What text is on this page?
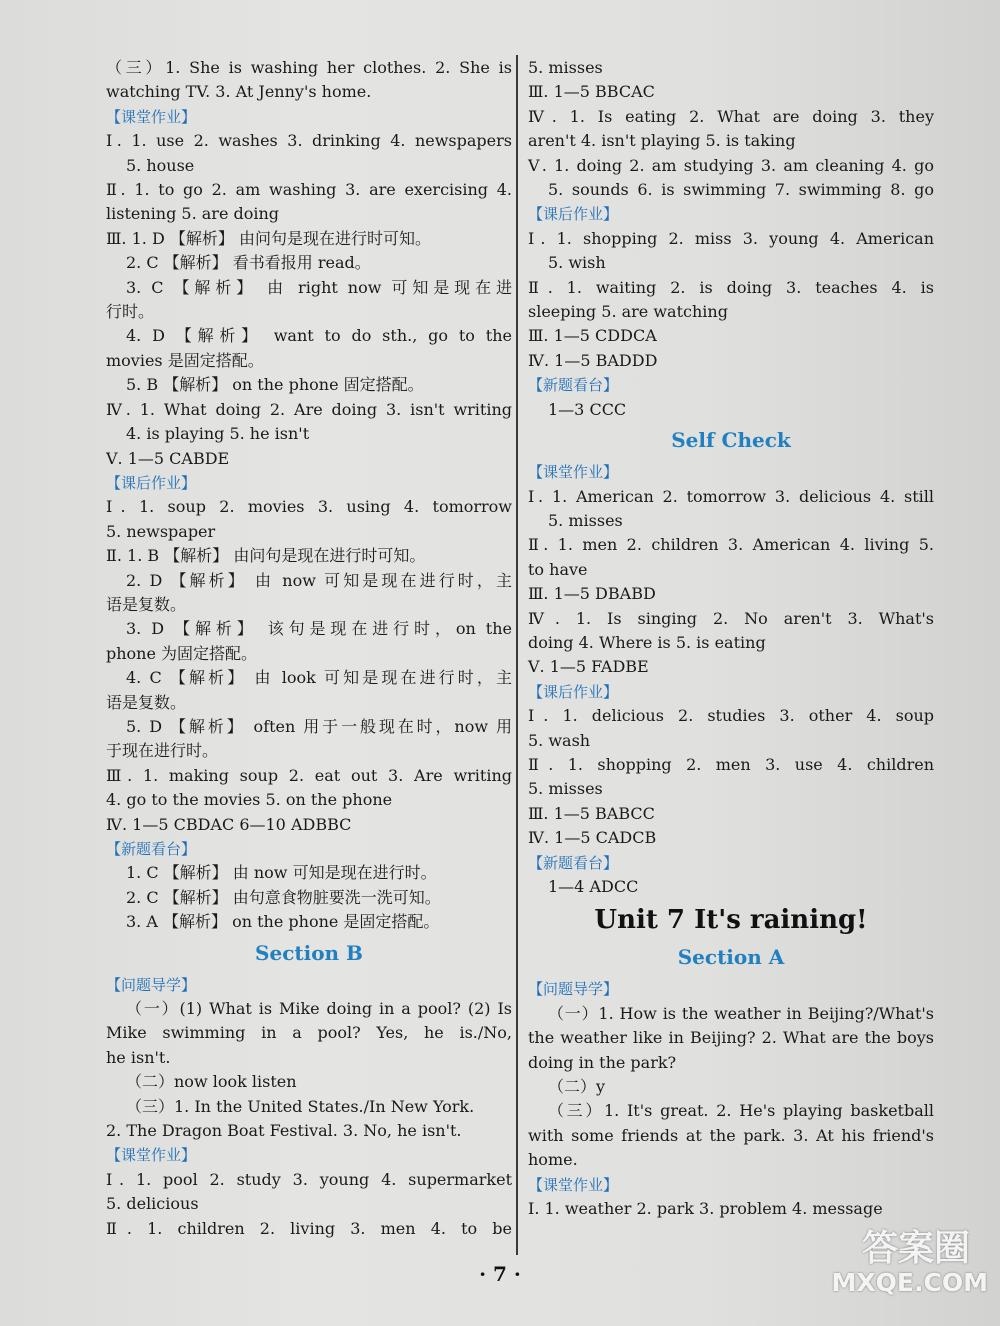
（三）1. She is washing her clothes. 2. She is
watching TV. 3. At Jenny's home.
【课堂作业】
Ⅰ. 1. use 2. washes 3. drinking 4. newspapers
5. house
Ⅱ. 1. to go 2. am washing 3. are exercising 4.
listening 5. are doing
Ⅲ. 1. D 【解析】 由问句是现在进行时可知。
2. C 【解析】 看书看报用 read。
3. C 【解析】 由 right now 可知是现在进
行时。
4. D 【解析】 want to do sth., go to the
movies 是固定搭配。
5. B 【解析】 on the phone 固定搭配。
Ⅳ. 1. What doing 2. Are doing 3. isn't writing
4. is playing 5. he isn't
Ⅴ. 1—5 CABDE
【课后作业】
Ⅰ. 1. soup 2. movies 3. using 4. tomorrow
5. newspaper
Ⅱ. 1. B 【解析】 由问句是现在进行时可知。
2. D 【解析】 由 now 可知是现在进行时，主
语是复数。
3. D 【解析】 该句是现在进行时，on the
phone 为固定搭配。
4. C 【解析】 由 look 可知是现在进行时，主
语是复数。
5. D 【解析】 often 用于一般现在时，now 用
于现在进行时。
Ⅲ. 1. making soup 2. eat out 3. Are writing
4. go to the movies 5. on the phone
Ⅳ. 1—5 CBDAC 6—10 ADBBC
【新题看台】
1. C 【解析】 由 now 可知是现在进行时。
2. C 【解析】 由句意食物脏要洗一洗可知。
3. A 【解析】 on the phone 是固定搭配。
Section B
【问题导学】
（一）(1) What is Mike doing in a pool? (2) Is
Mike swimming in a pool? Yes, he is./No,
he isn't.
（二）now look listen
（三）1. In the United States./In New York.
2. The Dragon Boat Festival. 3. No, he isn't.
【课堂作业】
Ⅰ. 1. pool 2. study 3. young 4. supermarket
5. delicious
Ⅱ. 1. children 2. living 3. men 4. to be
5. misses
Ⅲ. 1—5 BBCAC
Ⅳ. 1. Is eating 2. What are doing 3. they
aren't 4. isn't playing 5. is taking
Ⅴ. 1. doing 2. am studying 3. am cleaning 4. go
5. sounds 6. is swimming 7. swimming 8. go
【课后作业】
Ⅰ. 1. shopping 2. miss 3. young 4. American
5. wish
Ⅱ. 1. waiting 2. is doing 3. teaches 4. is
sleeping 5. are watching
Ⅲ. 1—5 CDDCA
Ⅳ. 1—5 BADDD
【新题看台】
1—3 CCC
Self Check
【课堂作业】
Ⅰ. 1. American 2. tomorrow 3. delicious 4. still
5. misses
Ⅱ. 1. men 2. children 3. American 4. living 5.
to have
Ⅲ. 1—5 DBABD
Ⅳ. 1. Is singing 2. No aren't 3. What's
doing 4. Where is 5. is eating
Ⅴ. 1—5 FADBE
【课后作业】
Ⅰ. 1. delicious 2. studies 3. other 4. soup
5. wash
Ⅱ. 1. shopping 2. men 3. use 4. children
5. misses
Ⅲ. 1—5 BABCC
Ⅳ. 1—5 CADCB
【新题看台】
1—4 ADCC
Unit 7 It's raining!
Section A
【问题导学】
（一）1. How is the weather in Beijing?/What's
the weather like in Beijing? 2. What are the boys
doing in the park?
（二）y
（三）1. It's great. 2. He's playing basketball
with some friends at the park. 3. At his friend's
home.
【课堂作业】
Ⅰ. 1. weather 2. park 3. problem 4. message
· 7 ·
答案圈
MXQE.COM
